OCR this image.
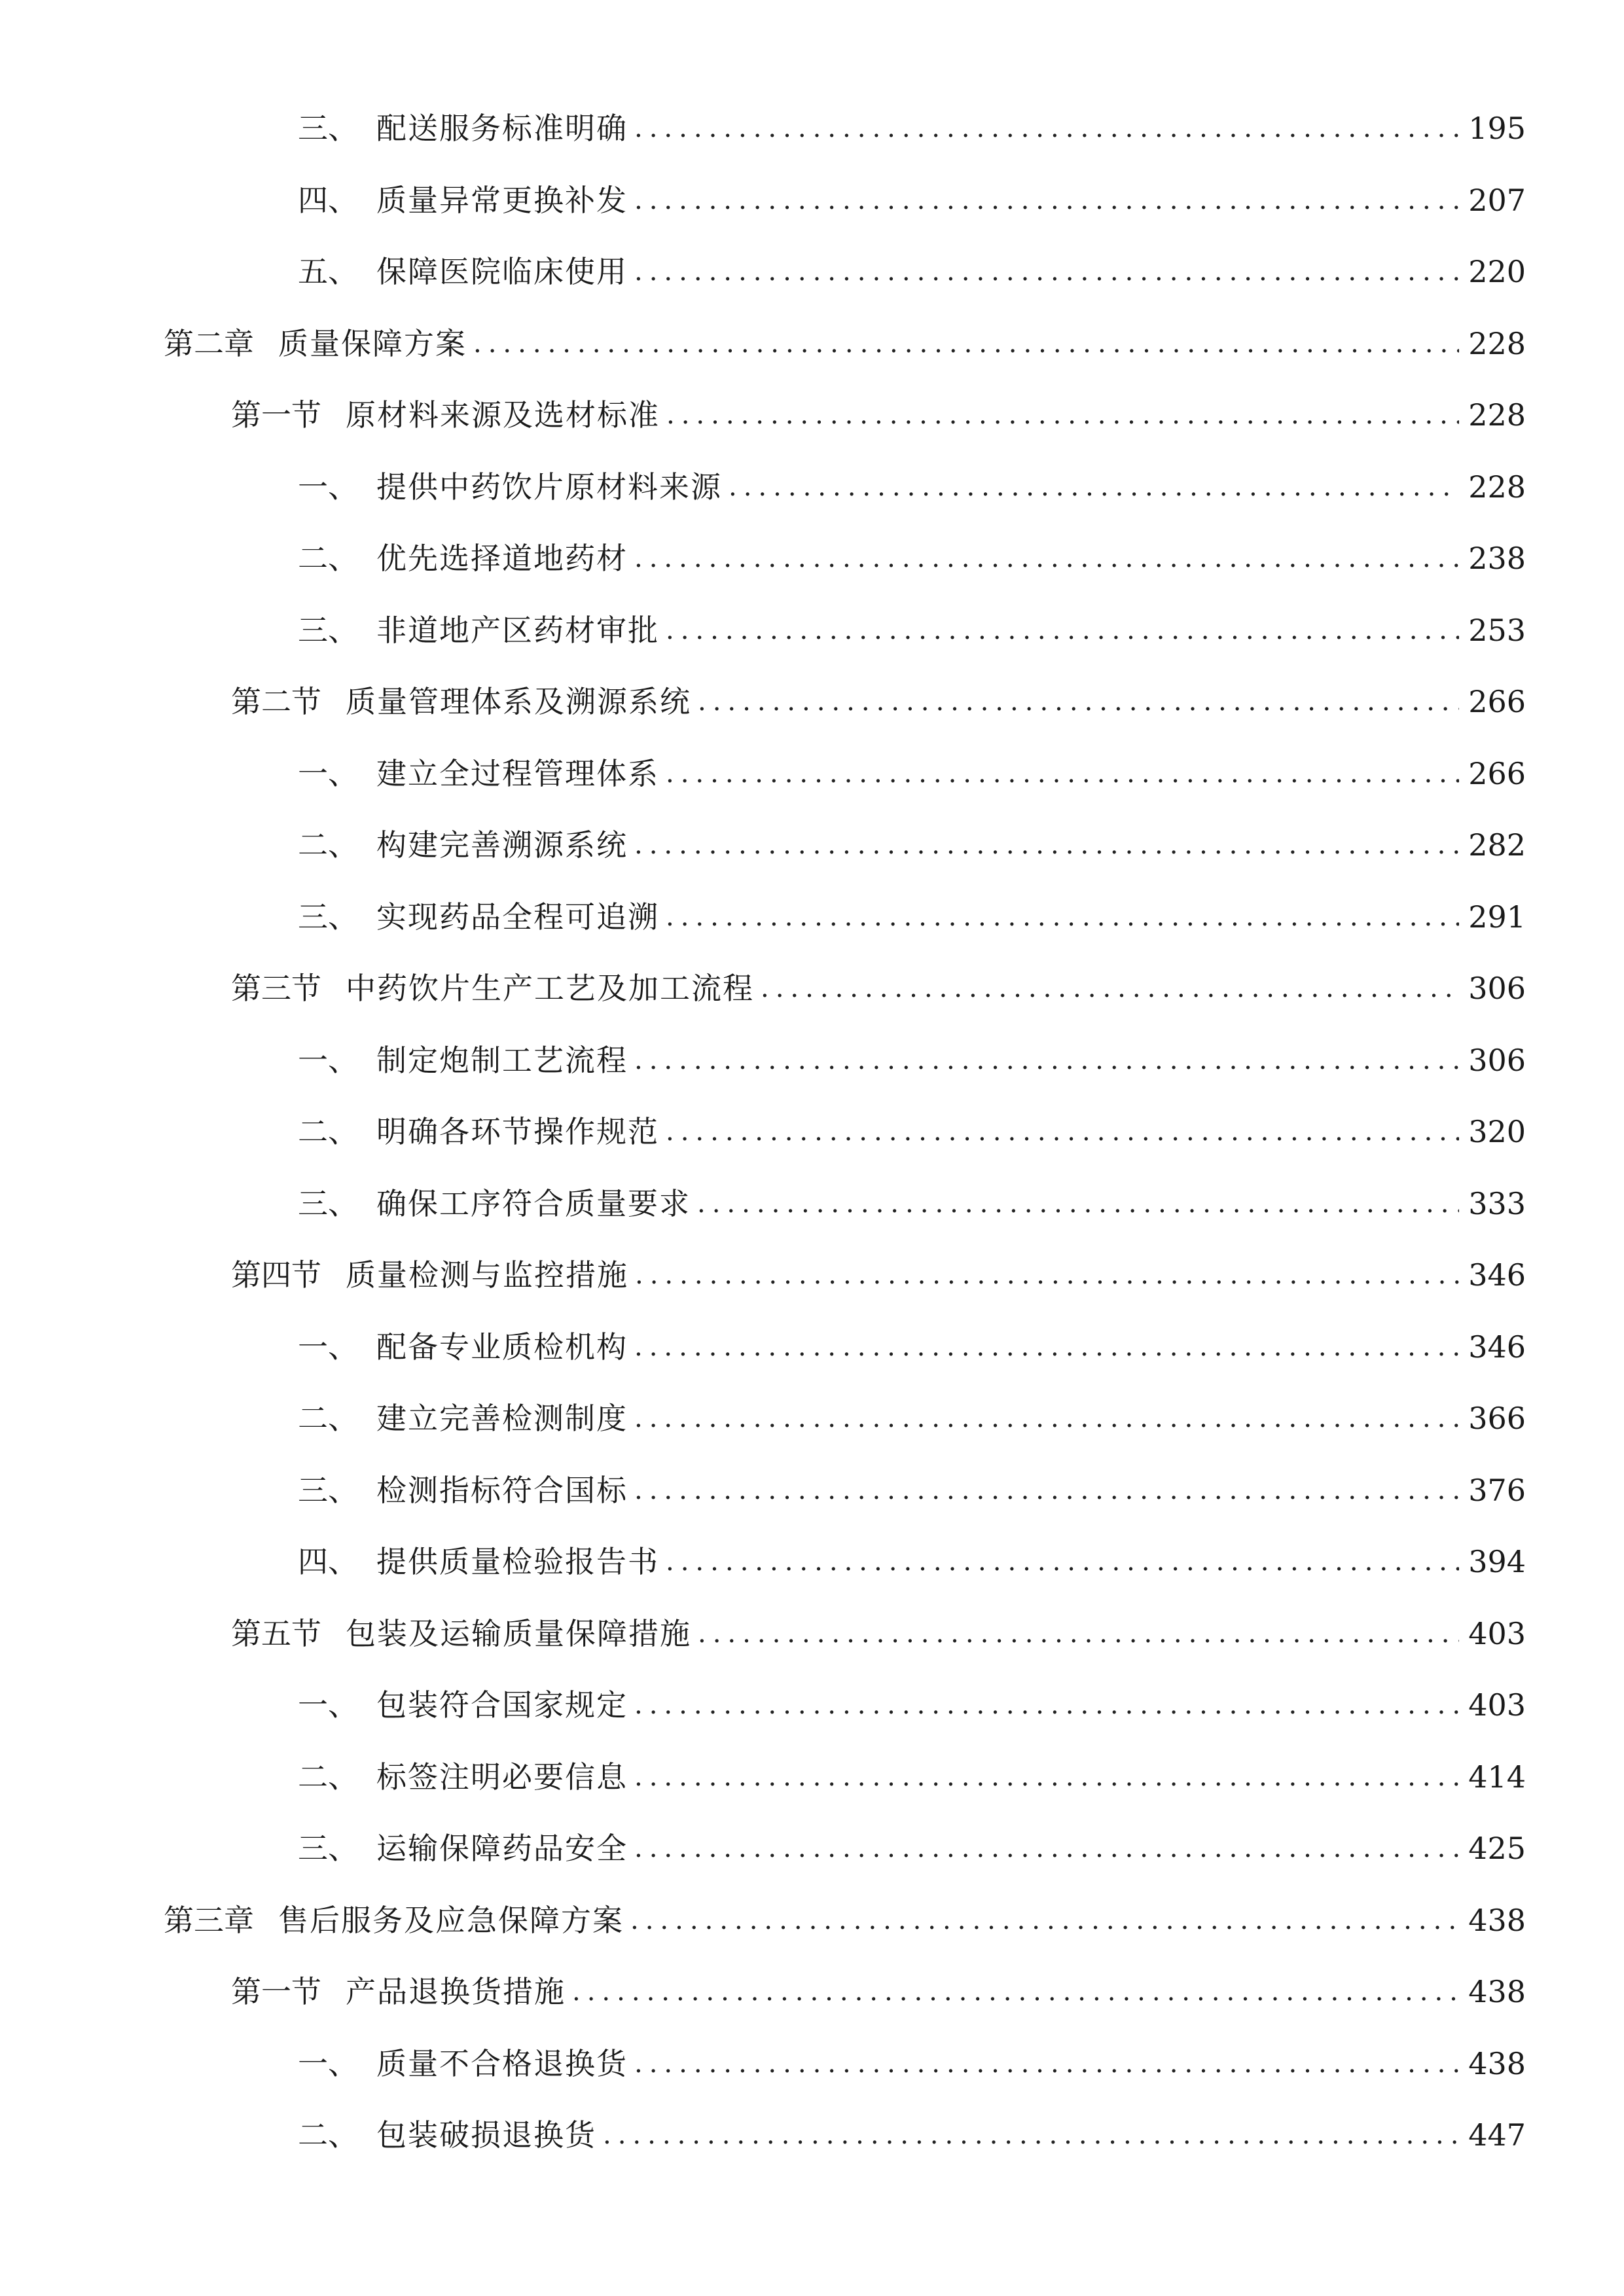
三、 配送服务标准明确 .....	195
四、 质量异常更换补发 .....	207
五、 保障医院临床使用 .....	220
第二章 质量保障方案 .....	228
第一节 原材料来源及选材标准 .....	228
一、 提供中药饮片原材料来源 .....	228
二、 优先选择道地药材 .....	238
三、 非道地产区药材审批 .....	253
第二节 质量管理体系及溯源系统 .....	266
一、 建立全过程管理体系 .....	266
二、 构建完善溯源系统 .....	282
三、 实现药品全程可追溯 .....	291
第三节 中药饮片生产工艺及加工流程 .....	306
一、 制定炮制工艺流程 .....	306
二、 明确各环节操作规范 .....	320
三、 确保工序符合质量要求 .....	333
第四节 质量检测与监控措施 .....	346
一、 配备专业质检机构 .....	346
二、 建立完善检测制度 .....	366
三、 检测指标符合国标 .....	376
四、 提供质量检验报告书 .....	394
第五节 包装及运输质量保障措施 .....	403
一、 包装符合国家规定 .....	403
二、 标签注明必要信息 .....	414
三、 运输保障药品安全 .....	425
第三章 售后服务及应急保障方案 .....	438
第一节 产品退换货措施 .....	438
一、 质量不合格退换货 .....	438
二、 包装破损退换货 .....	447
